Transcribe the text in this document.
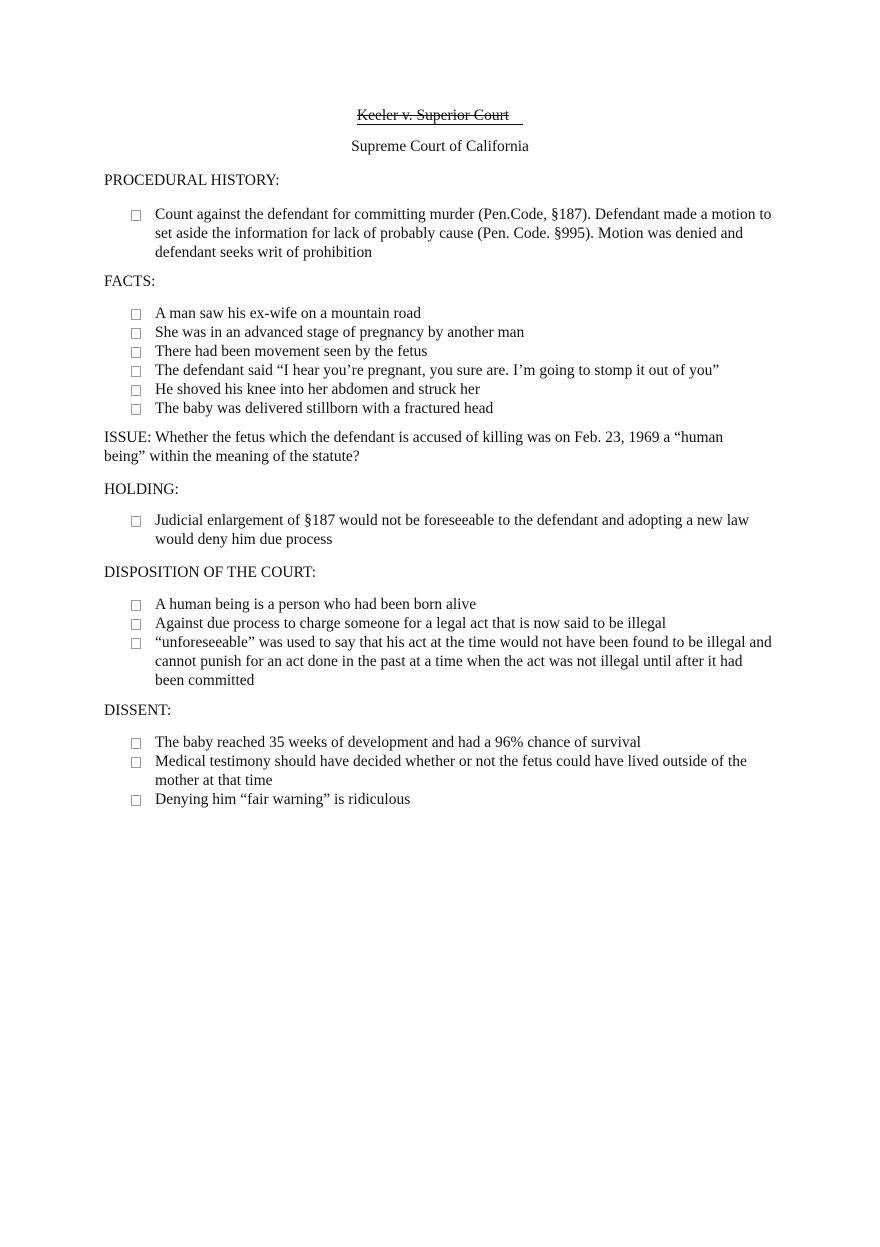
Keeler v. Superior Court
Supreme Court of California

PROCEDURAL HISTORY:

Count against the defendant for committing murder (Pen.Code, §187). Defendant made a motion to set aside the information for lack of probably cause (Pen. Code. §995). Motion was denied and defendant seeks writ of prohibition

FACTS:

A man saw his ex-wife on a mountain road
She was in an advanced stage of pregnancy by another man
There had been movement seen by the fetus
The defendant said “I hear you’re pregnant, you sure are. I’m going to stomp it out of you”
He shoved his knee into her abdomen and struck her
The baby was delivered stillborn with a fractured head

ISSUE: Whether the fetus which the defendant is accused of killing was on Feb. 23, 1969 a “human being” within the meaning of the statute?

HOLDING:

Judicial enlargement of §187 would not be foreseeable to the defendant and adopting a new law would deny him due process

DISPOSITION OF THE COURT:

A human being is a person who had been born alive
Against due process to charge someone for a legal act that is now said to be illegal
“unforeseeable” was used to say that his act at the time would not have been found to be illegal and cannot punish for an act done in the past at a time when the act was not illegal until after it had been committed

DISSENT:

The baby reached 35 weeks of development and had a 96% chance of survival
Medical testimony should have decided whether or not the fetus could have lived outside of the mother at that time
Denying him “fair warning” is ridiculous
